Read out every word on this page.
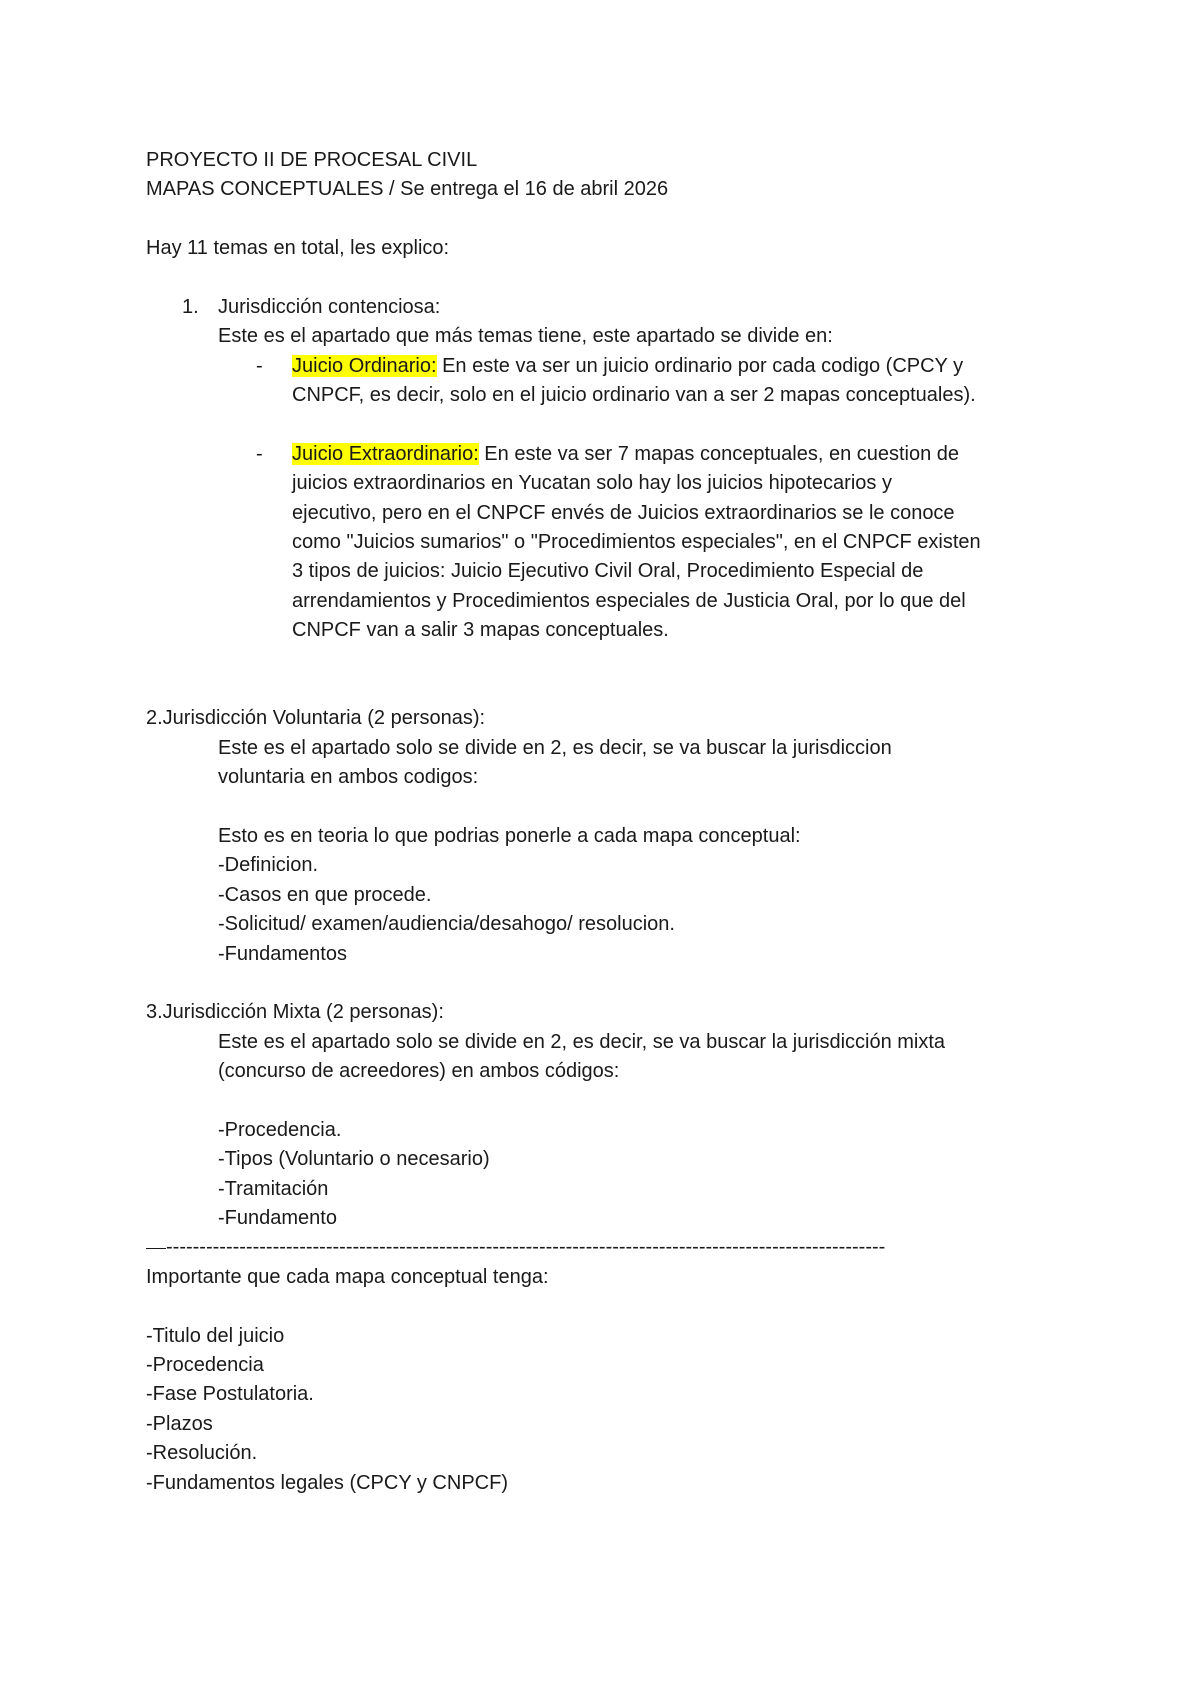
PROYECTO II DE PROCESAL CIVIL

MAPAS CONCEPTUALES / Se entrega el 16 de abril 2026

Hay 11 temas en total, les explico:

1. Jurisdicción contenciosa:

Este es el apartado que más temas tiene, este apartado se divide en:

- Juicio Ordinario: En este va ser un juicio ordinario por cada codigo (CPCY y

CNPCF, es decir, solo en el juicio ordinario van a ser 2 mapas conceptuales).

- Juicio Extraordinario: En este va ser 7 mapas conceptuales, en cuestion de

juicios extraordinarios en Yucatan solo hay los juicios hipotecarios y

ejecutivo, pero en el CNPCF envés de Juicios extraordinarios se le conoce

como "Juicios sumarios" o "Procedimientos especiales", en el CNPCF existen

3 tipos de juicios: Juicio Ejecutivo Civil Oral, Procedimiento Especial de

arrendamientos y Procedimientos especiales de Justicia Oral, por lo que del

CNPCF van a salir 3 mapas conceptuales.

2.Jurisdicción Voluntaria (2 personas):

Este es el apartado solo se divide en 2, es decir, se va buscar la jurisdiccion

voluntaria en ambos codigos:

Esto es en teoria lo que podrias ponerle a cada mapa conceptual:

-Definicion.

-Casos en que procede.

-Solicitud/ examen/audiencia/desahogo/ resolucion.

-Fundamentos

3.Jurisdicción Mixta (2 personas):

Este es el apartado solo se divide en 2, es decir, se va buscar la jurisdicción mixta

(concurso de acreedores) en ambos códigos:

-Procedencia.

-Tipos (Voluntario o necesario)

-Tramitación

-Fundamento

------------------------------------------------------------------------------------------------------------

Importante que cada mapa conceptual tenga:

-Titulo del juicio

-Procedencia

-Fase Postulatoria.

-Plazos

-Resolución.

-Fundamentos legales (CPCY y CNPCF)
